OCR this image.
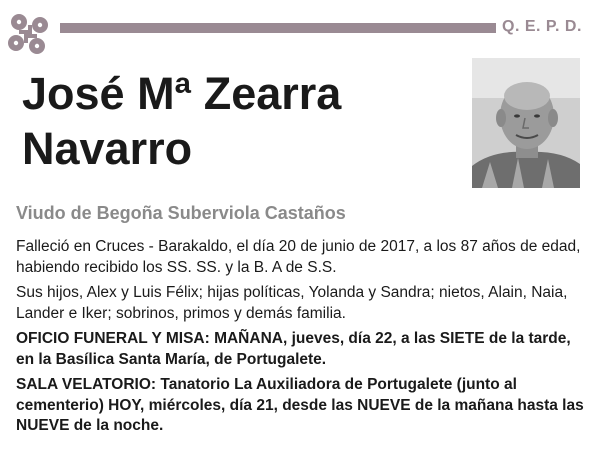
Q. E. P. D.
José Mª Zearra
Navarro
Viudo de Begoña Suberviola Castaños

Falleció en Cruces - Barakaldo, el día 20 de junio de 2017, a los 87 años de edad, habiendo recibido los SS. SS. y la B. A de S.S.

Sus hijos, Alex y Luis Félix; hijas políticas, Yolanda y Sandra; nietos, Alain, Naia, Lander e Iker; sobrinos, primos y demás familia.

OFICIO FUNERAL Y MISA: MAÑANA, jueves, día 22, a las SIETE de la tarde, en la Basílica Santa María, de Portugalete.

SALA VELATORIO: Tanatorio La Auxiliadora de Portugalete (junto al cementerio) HOY, miércoles, día 21, desde las NUEVE de la mañana hasta las NUEVE de la noche.
